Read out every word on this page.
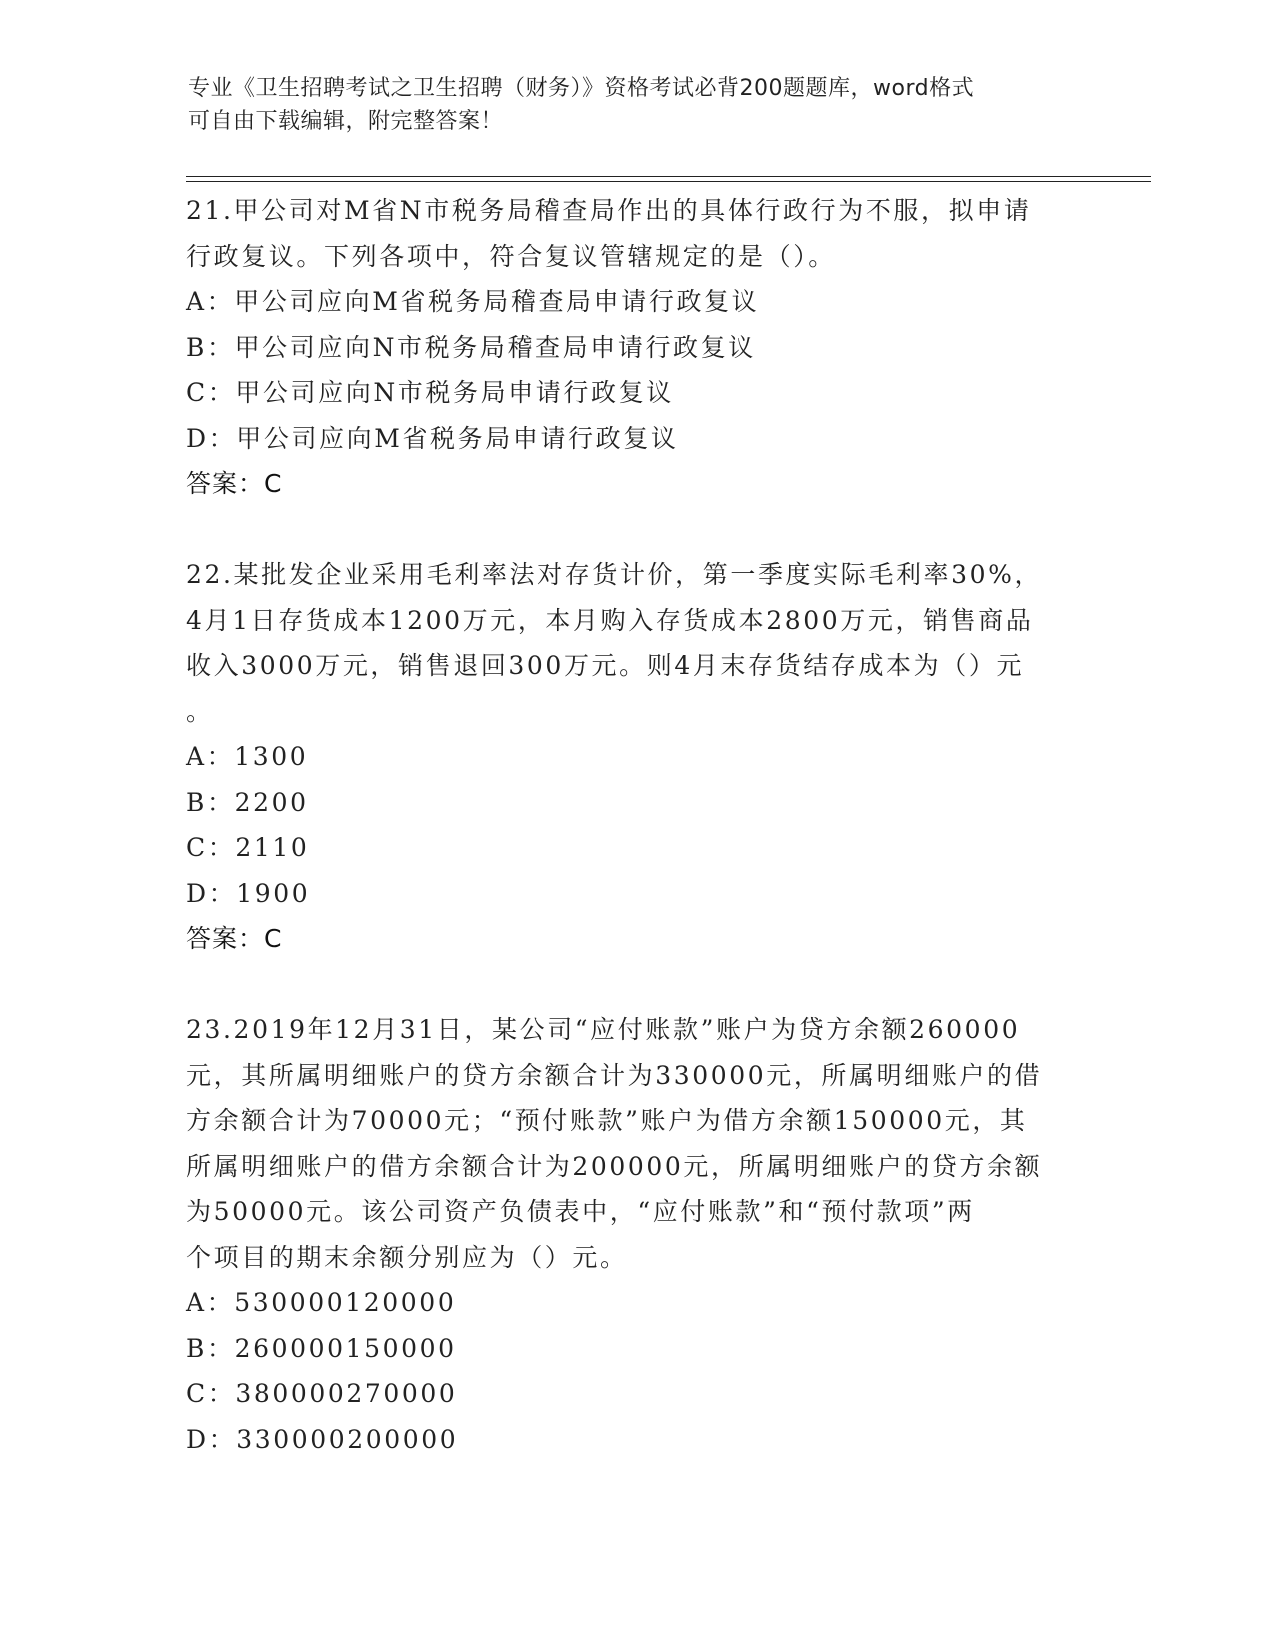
专业《卫生招聘考试之卫生招聘（财务）》资格考试必背200题题库，word格式
可自由下载编辑，附完整答案！

21.甲公司对M省N市税务局稽查局作出的具体行政行为不服，拟申请
行政复议。下列各项中，符合复议管辖规定的是（）。

A：甲公司应向M省税务局稽查局申请行政复议

B：甲公司应向N市税务局稽查局申请行政复议

C：甲公司应向N市税务局申请行政复议

D：甲公司应向M省税务局申请行政复议

答案：C

22.某批发企业采用毛利率法对存货计价，第一季度实际毛利率30%，
4月1日存货成本1200万元，本月购入存货成本2800万元，销售商品
收入3000万元，销售退回300万元。则4月末存货结存成本为（）元
。

A：1300

B：2200

C：2110

D：1900

答案：C

23.2019年12月31日，某公司“应付账款”账户为贷方余额260000
元，其所属明细账户的贷方余额合计为330000元，所属明细账户的借
方余额合计为70000元；“预付账款”账户为借方余额150000元，其
所属明细账户的借方余额合计为200000元，所属明细账户的贷方余额
为50000元。该公司资产负债表中，“应付账款”和“预付款项”两
个项目的期末余额分别应为（）元。

A：530000120000

B：260000150000

C：380000270000

D：330000200000
